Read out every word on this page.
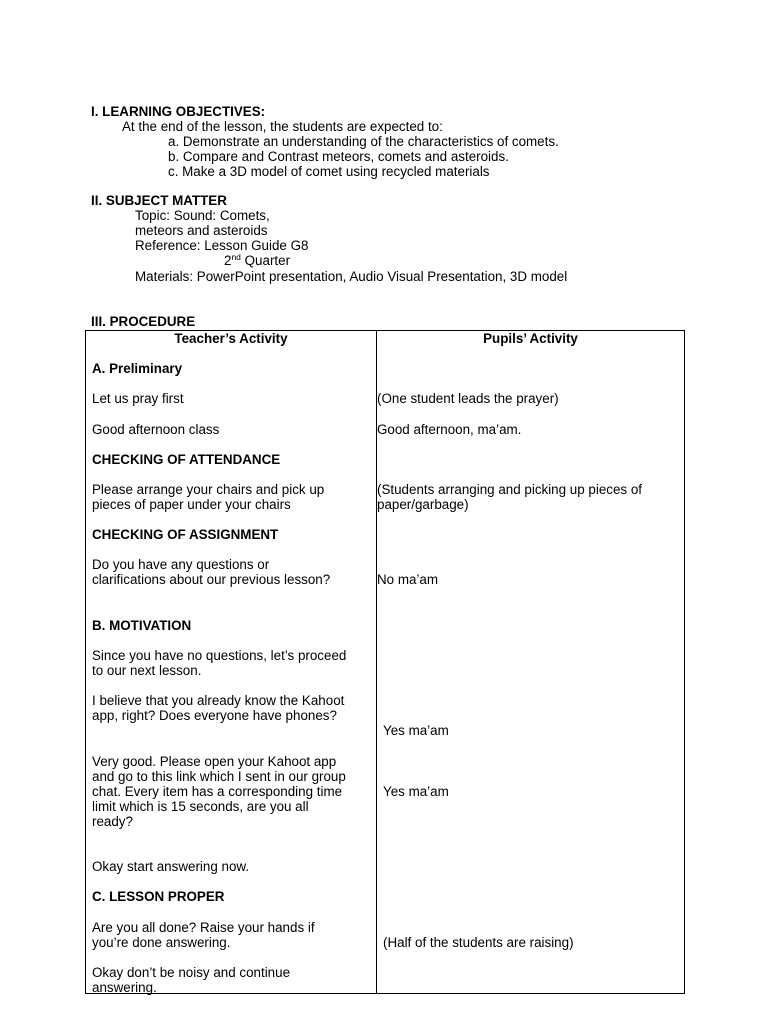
I. LEARNING OBJECTIVES:
At the end of the lesson, the students are expected to:
a. Demonstrate an understanding of the characteristics of comets.
b. Compare and Contrast meteors, comets and asteroids.
c. Make a 3D model of comet using recycled materials
II. SUBJECT MATTER
Topic: Sound: Comets,
meteors and asteroids
Reference: Lesson Guide G8
2nd Quarter
Materials: PowerPoint presentation, Audio Visual Presentation, 3D model
III. PROCEDURE
Teacher’s Activity	Pupils’ Activity
A. Preliminary
Let us pray first
Good afternoon class
CHECKING OF ATTENDANCE
Please arrange your chairs and pick up
pieces of paper under your chairs
CHECKING OF ASSIGNMENT
Do you have any questions or
clarifications about our previous lesson?
B. MOTIVATION
Since you have no questions, let’s proceed
to our next lesson.
I believe that you already know the Kahoot
app, right? Does everyone have phones?
Very good. Please open your Kahoot app
and go to this link which I sent in our group
chat. Every item has a corresponding time
limit which is 15 seconds, are you all
ready?
Okay start answering now.
C. LESSON PROPER
Are you all done? Raise your hands if
you’re done answering.
Okay don’t be noisy and continue
answering.
(One student leads the prayer)
Good afternoon, ma’am.
(Students arranging and picking up pieces of
paper/garbage)
No ma’am
Yes ma’am
Yes ma’am
(Half of the students are raising)
